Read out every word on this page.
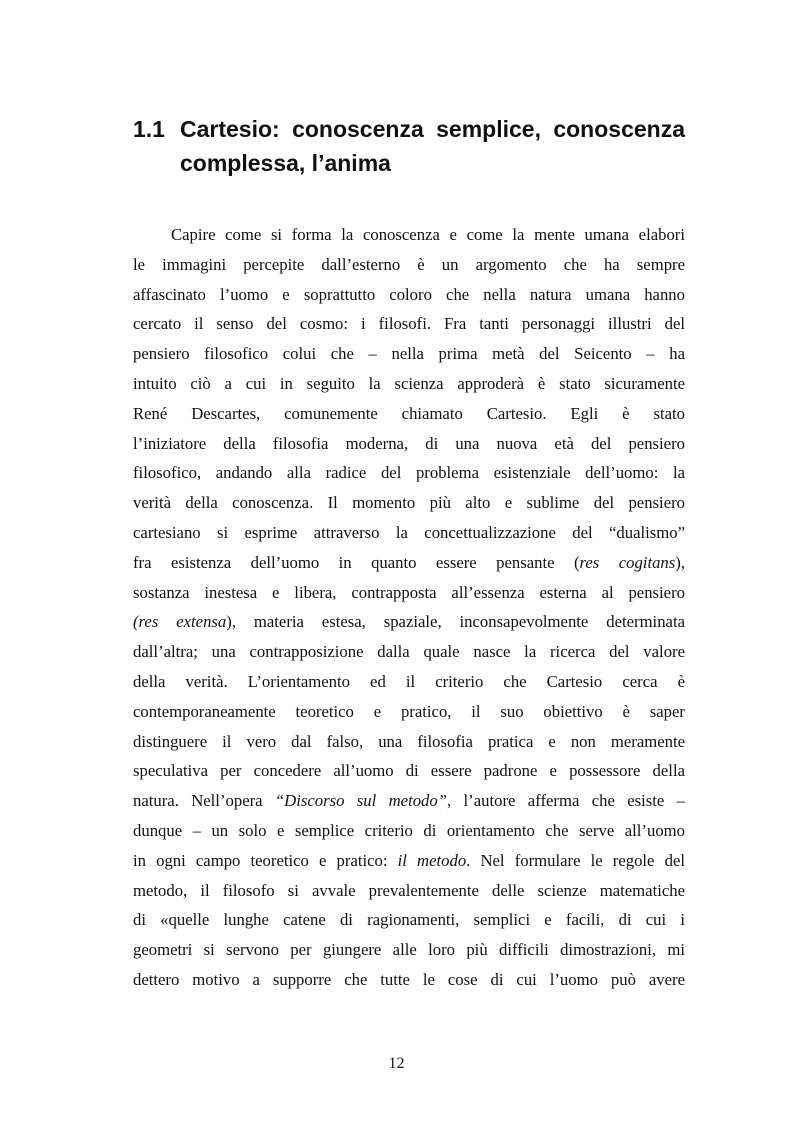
1.1 Cartesio: conoscenza semplice, conoscenza
complessa, l’anima
Capire come si forma la conoscenza e come la mente umana elabori
le immagini percepite dall’esterno è un argomento che ha sempre
affascinato l’uomo e soprattutto coloro che nella natura umana hanno
cercato il senso del cosmo: i filosofi. Fra tanti personaggi illustri del
pensiero filosofico colui che – nella prima metà del Seicento – ha
intuito ciò a cui in seguito la scienza approderà è stato sicuramente
René Descartes, comunemente chiamato Cartesio. Egli è stato
l’iniziatore della filosofia moderna, di una nuova età del pensiero
filosofico, andando alla radice del problema esistenziale dell’uomo: la
verità della conoscenza. Il momento più alto e sublime del pensiero
cartesiano si esprime attraverso la concettualizzazione del “dualismo”
fra esistenza dell’uomo in quanto essere pensante (res cogitans),
sostanza inestesa e libera, contrapposta all’essenza esterna al pensiero
(res extensa), materia estesa, spaziale, inconsapevolmente determinata
dall’altra; una contrapposizione dalla quale nasce la ricerca del valore
della verità. L’orientamento ed il criterio che Cartesio cerca è
contemporaneamente teoretico e pratico, il suo obiettivo è saper
distinguere il vero dal falso, una filosofia pratica e non meramente
speculativa per concedere all’uomo di essere padrone e possessore della
natura. Nell’opera “Discorso sul metodo”, l’autore afferma che esiste –
dunque – un solo e semplice criterio di orientamento che serve all’uomo
in ogni campo teoretico e pratico: il metodo. Nel formulare le regole del
metodo, il filosofo si avvale prevalentemente delle scienze matematiche
di «quelle lunghe catene di ragionamenti, semplici e facili, di cui i
geometri si servono per giungere alle loro più difficili dimostrazioni, mi
dettero motivo a supporre che tutte le cose di cui l’uomo può avere
12
